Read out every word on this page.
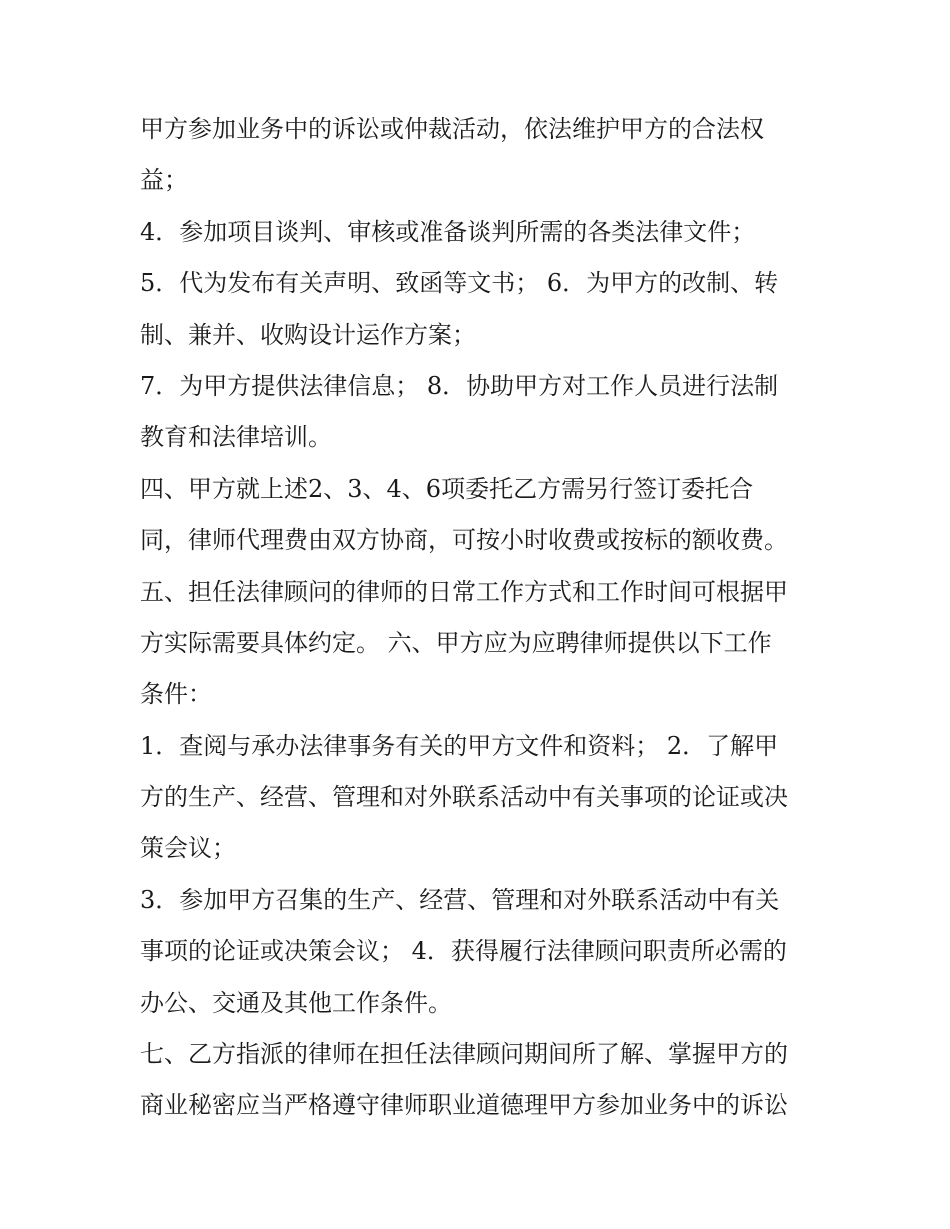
甲方参加业务中的诉讼或仲裁活动，依法维护甲方的合法权
益；
4．参加项目谈判、审核或准备谈判所需的各类法律文件；
5．代为发布有关声明、致函等文书； 6．为甲方的改制、转
制、兼并、收购设计运作方案；
7．为甲方提供法律信息； 8．协助甲方对工作人员进行法制
教育和法律培训。
四、甲方就上述2、3、4、6项委托乙方需另行签订委托合
同，律师代理费由双方协商，可按小时收费或按标的额收费。
五、担任法律顾问的律师的日常工作方式和工作时间可根据甲
方实际需要具体约定。 六、甲方应为应聘律师提供以下工作
条件：
1．查阅与承办法律事务有关的甲方文件和资料； 2．了解甲
方的生产、经营、管理和对外联系活动中有关事项的论证或决
策会议；
3．参加甲方召集的生产、经营、管理和对外联系活动中有关
事项的论证或决策会议； 4．获得履行法律顾问职责所必需的
办公、交通及其他工作条件。
七、乙方指派的律师在担任法律顾问期间所了解、掌握甲方的
商业秘密应当严格遵守律师职业道德理甲方参加业务中的诉讼
